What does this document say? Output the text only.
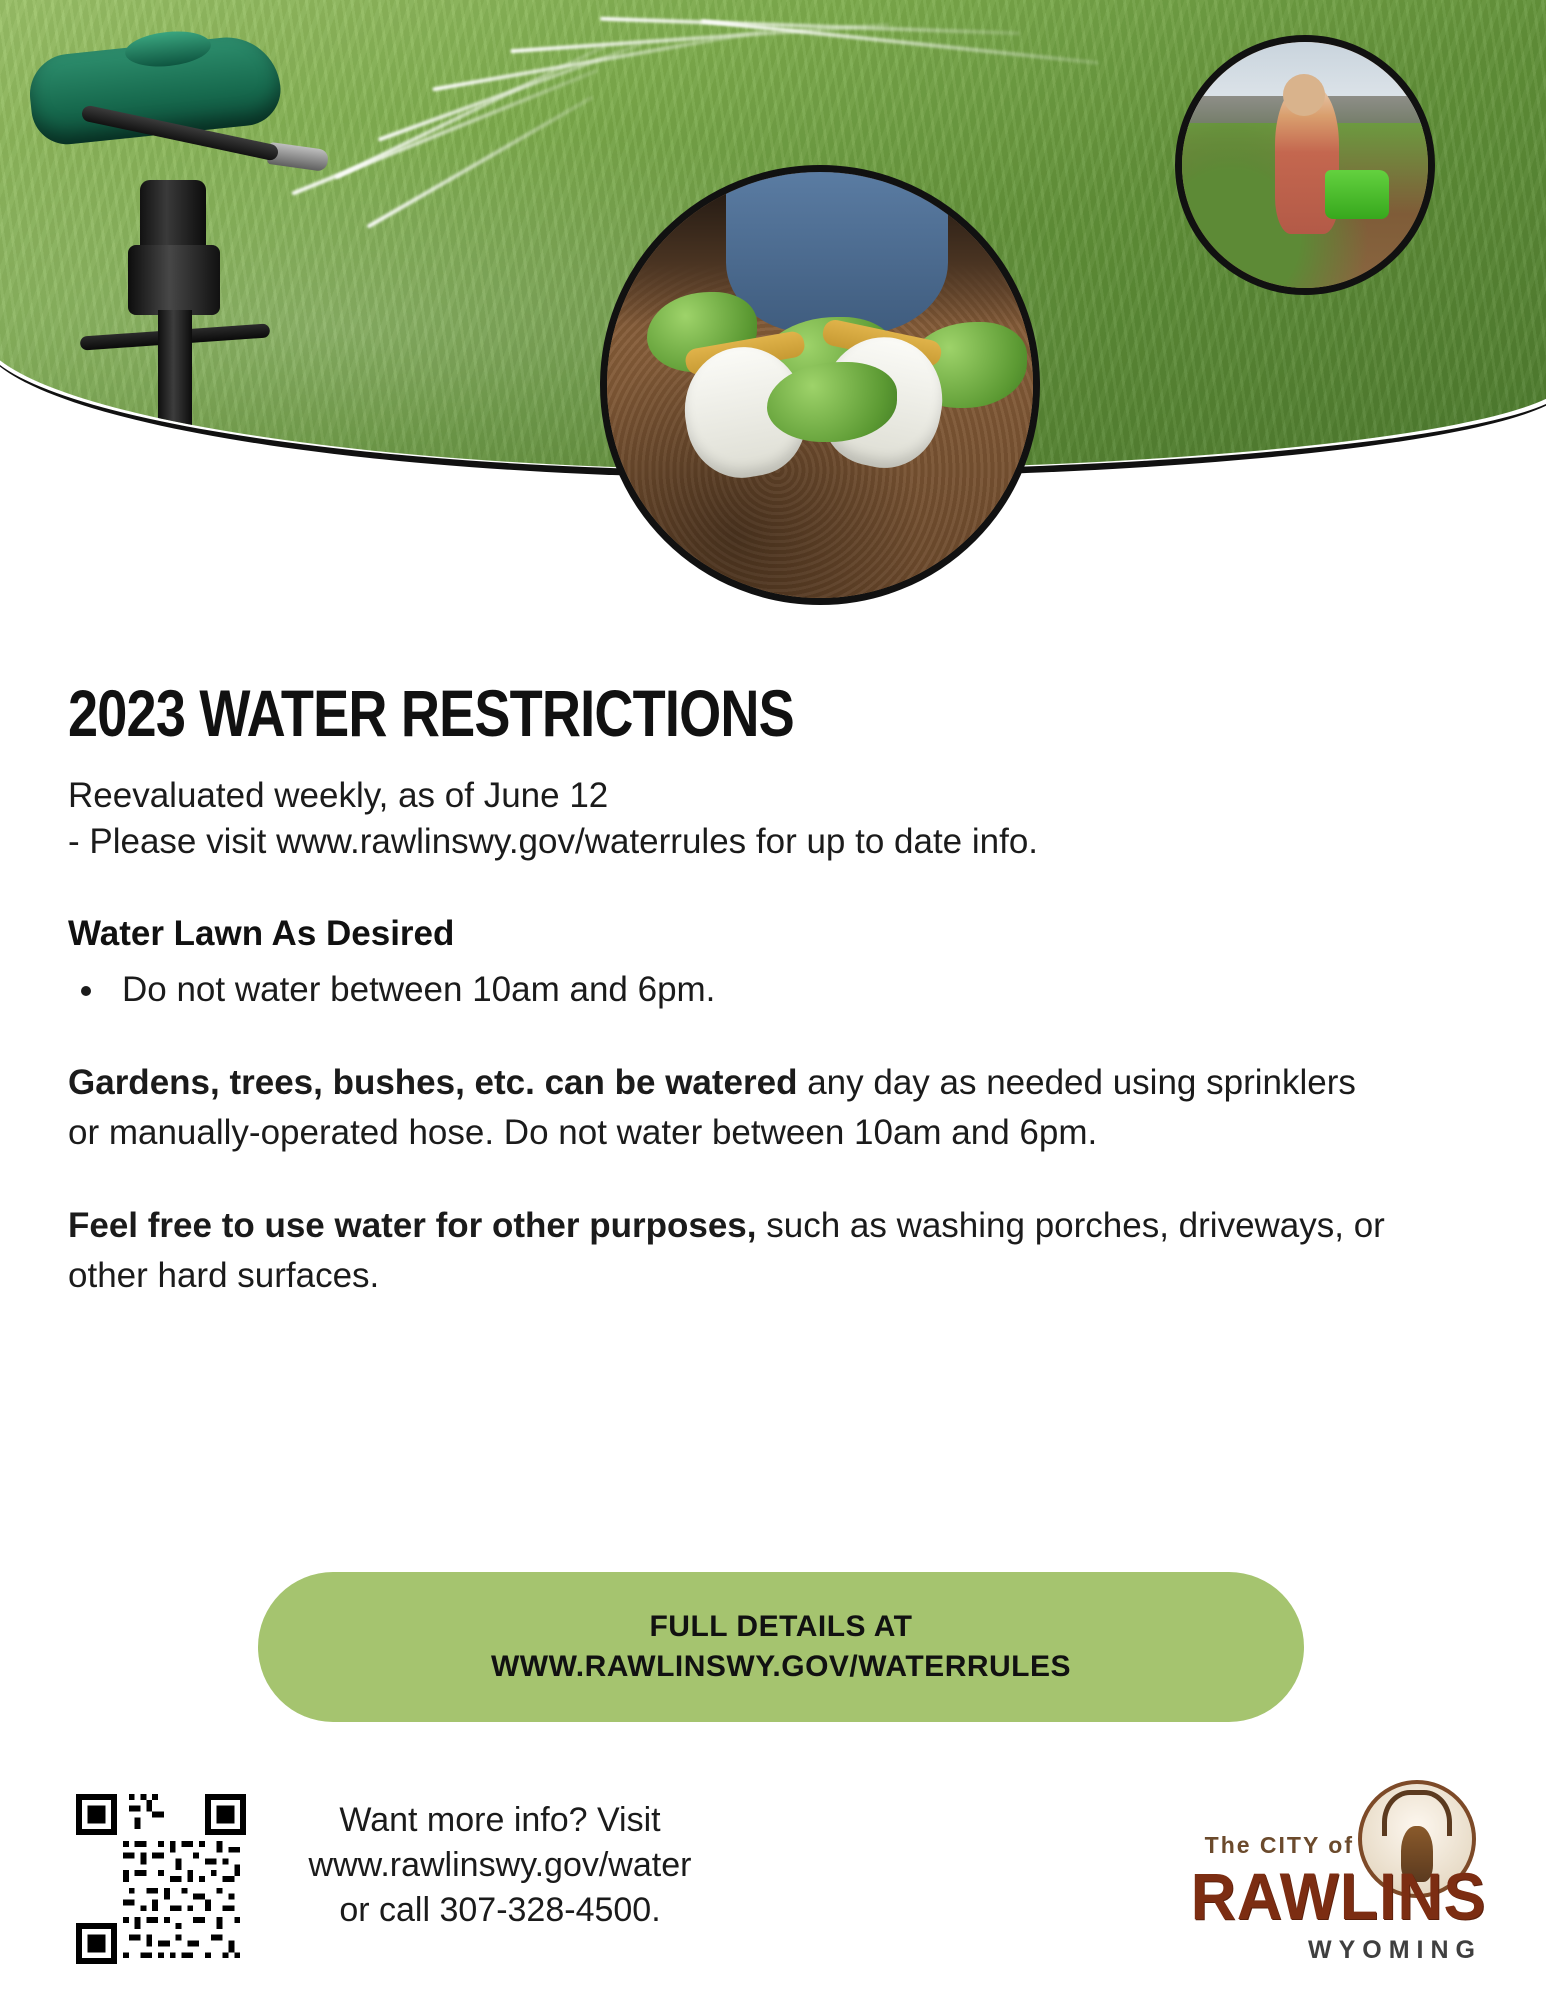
2023 WATER RESTRICTIONS
Reevaluated weekly, as of June 12
- Please visit www.rawlinswy.gov/waterrules for up to date info.
Water Lawn As Desired
• Do not water between 10am and 6pm.
Gardens, trees, bushes, etc. can be watered any day as needed using sprinklers or manually-operated hose. Do not water between 10am and 6pm.
Feel free to use water for other purposes, such as washing porches, driveways, or other hard surfaces.
FULL DETAILS AT
WWW.RAWLINSWY.GOV/WATERRULES
Want more info? Visit
www.rawlinswy.gov/water
or call 307-328-4500.
The CITY of
RAWLINS
WYOMING
